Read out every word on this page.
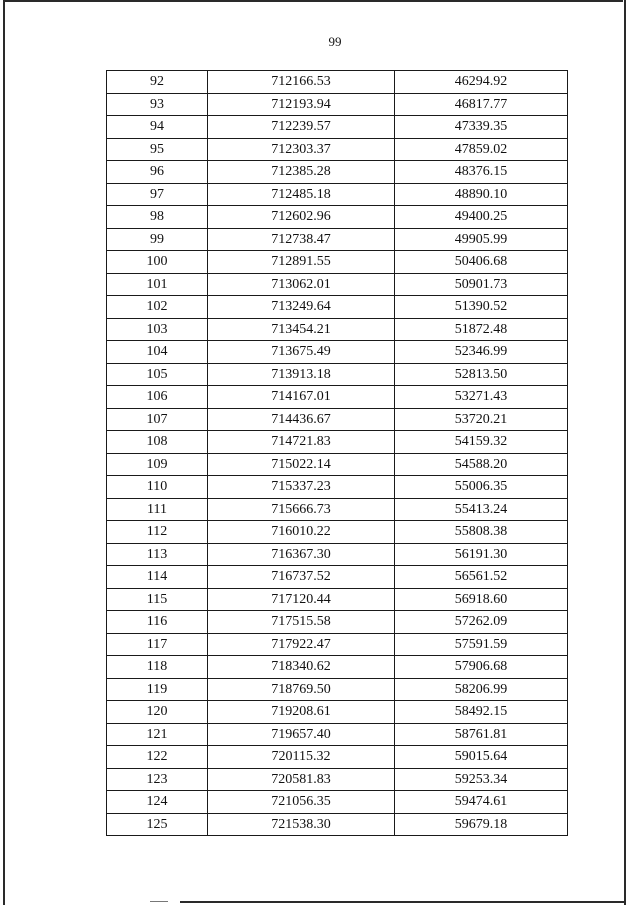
99
92	712166.53	46294.92
93	712193.94	46817.77
94	712239.57	47339.35
95	712303.37	47859.02
96	712385.28	48376.15
97	712485.18	48890.10
98	712602.96	49400.25
99	712738.47	49905.99
100	712891.55	50406.68
101	713062.01	50901.73
102	713249.64	51390.52
103	713454.21	51872.48
104	713675.49	52346.99
105	713913.18	52813.50
106	714167.01	53271.43
107	714436.67	53720.21
108	714721.83	54159.32
109	715022.14	54588.20
110	715337.23	55006.35
111	715666.73	55413.24
112	716010.22	55808.38
113	716367.30	56191.30
114	716737.52	56561.52
115	717120.44	56918.60
116	717515.58	57262.09
117	717922.47	57591.59
118	718340.62	57906.68
119	718769.50	58206.99
120	719208.61	58492.15
121	719657.40	58761.81
122	720115.32	59015.64
123	720581.83	59253.34
124	721056.35	59474.61
125	721538.30	59679.18
